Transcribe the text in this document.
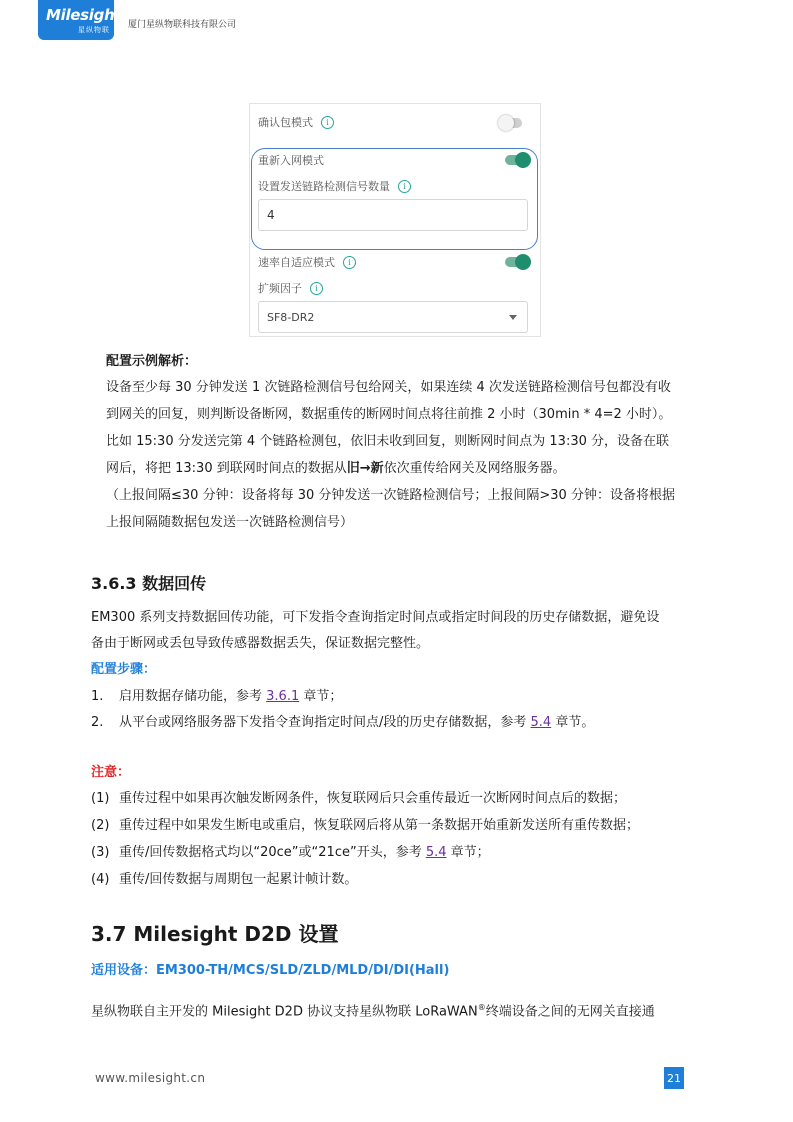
Milesight
星纵物联 厦门星纵物联科技有限公司
确认包模式	i
重新入网模式
设置发送链路检测信号数量	i
4
速率自适应模式	i
扩频因子	i
SF8-DR2
配置示例解析：
设备至少每 30 分钟发送 1 次链路检测信号包给网关，如果连续 4 次发送链路检测信号包都没有收
到网关的回复，则判断设备断网，数据重传的断网时间点将往前推 2 小时（30min * 4=2 小时）。
比如 15:30 分发送完第 4 个链路检测包，依旧未收到回复，则断网时间点为 13:30 分，设备在联
网后，将把 13:30 到联网时间点的数据从旧→新依次重传给网关及网络服务器。
（上报间隔≤30 分钟：设备将每 30 分钟发送一次链路检测信号；上报间隔>30 分钟：设备将根据
上报间隔随数据包发送一次链路检测信号）
3.6.3 数据回传
EM300 系列支持数据回传功能，可下发指令查询指定时间点或指定时间段的历史存储数据，避免设
备由于断网或丢包导致传感器数据丢失，保证数据完整性。
配置步骤：
1. 启用数据存储功能，参考 3.6.1 章节；
2. 从平台或网络服务器下发指令查询指定时间点/段的历史存储数据，参考 5.4 章节。
注意：
(1) 重传过程中如果再次触发断网条件，恢复联网后只会重传最近一次断网时间点后的数据；
(2) 重传过程中如果发生断电或重启，恢复联网后将从第一条数据开始重新发送所有重传数据；
(3) 重传/回传数据格式均以“20ce”或“21ce”开头，参考 5.4 章节；
(4) 重传/回传数据与周期包一起累计帧计数。
3.7 Milesight D2D 设置
适用设备：EM300-TH/MCS/SLD/ZLD/MLD/DI/DI(Hall)
星纵物联自主开发的 Milesight D2D 协议支持星纵物联 LoRaWAN®终端设备之间的无网关直接通
www.milesight.cn	21
